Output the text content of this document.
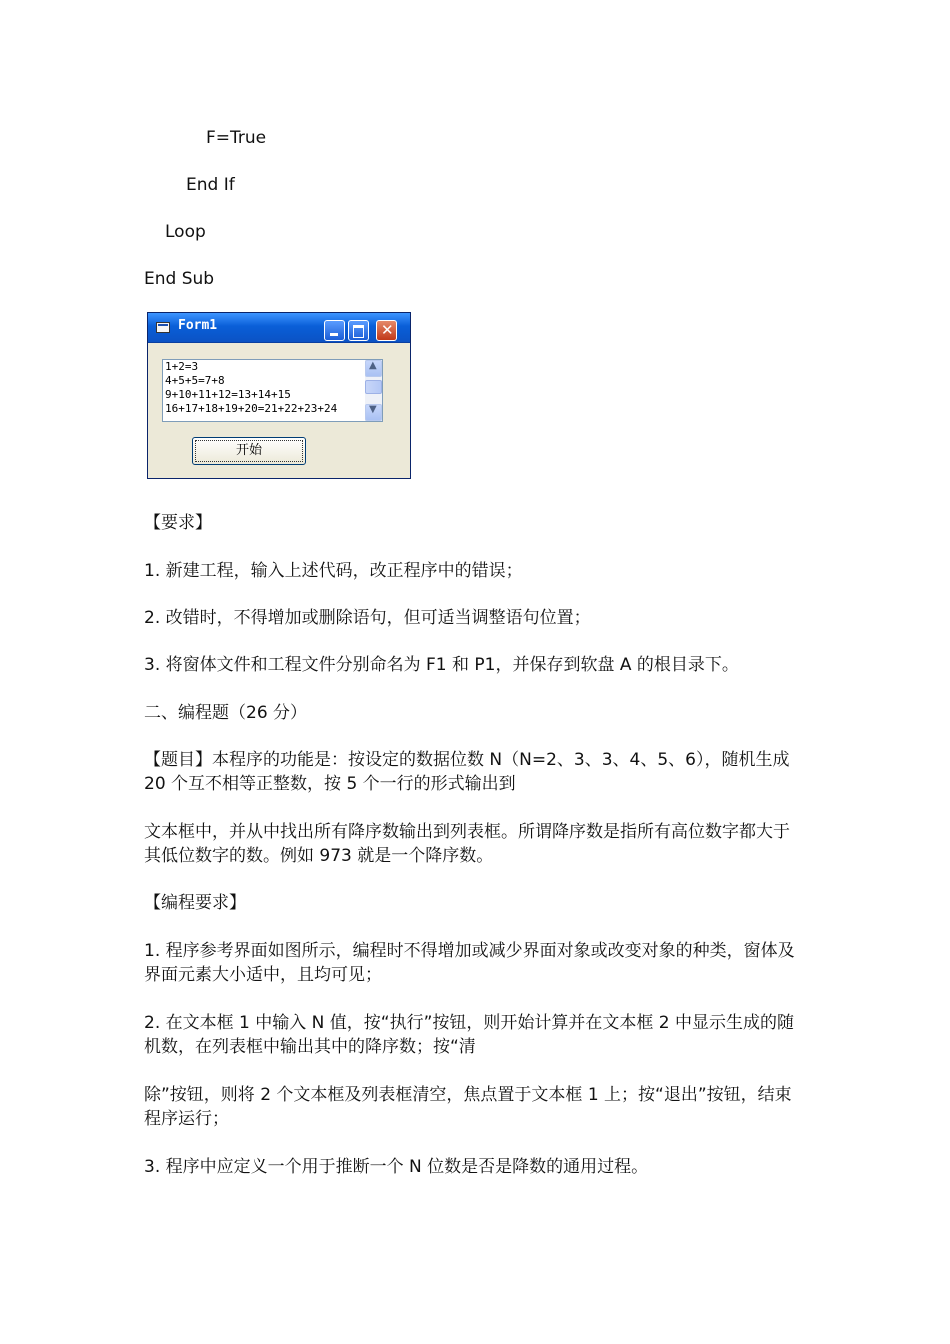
F=True
End If
Loop
End Sub
Form1	✕
1+2=3
4+5+5=7+8
9+10+11+12=13+14+15
16+17+18+19+20=21+22+23+24
▲
▼
开始
【要求】
1. 新建工程，输入上述代码，改正程序中的错误；
2. 改错时，不得增加或删除语句，但可适当调整语句位置；
3. 将窗体文件和工程文件分别命名为 F1 和 P1，并保存到软盘 A 的根目录下。
二、编程题（26 分）
【题目】本程序的功能是：按设定的数据位数 N（N=2、3、3、4、5、6），随机生成 20 个互不相等正整数，按 5 个一行的形式输出到
文本框中，并从中找出所有降序数输出到列表框。所谓降序数是指所有高位数字都大于其低位数字的数。例如 973 就是一个降序数。
【编程要求】
1. 程序参考界面如图所示，编程时不得增加或减少界面对象或改变对象的种类，窗体及界面元素大小适中，且均可见；
2. 在文本框 1 中输入 N 值，按“执行”按钮，则开始计算并在文本框 2 中显示生成的随机数，在列表框中输出其中的降序数；按“清
除”按钮，则将 2 个文本框及列表框清空，焦点置于文本框 1 上；按“退出”按钮，结束程序运行；
3. 程序中应定义一个用于推断一个 N 位数是否是降数的通用过程。
